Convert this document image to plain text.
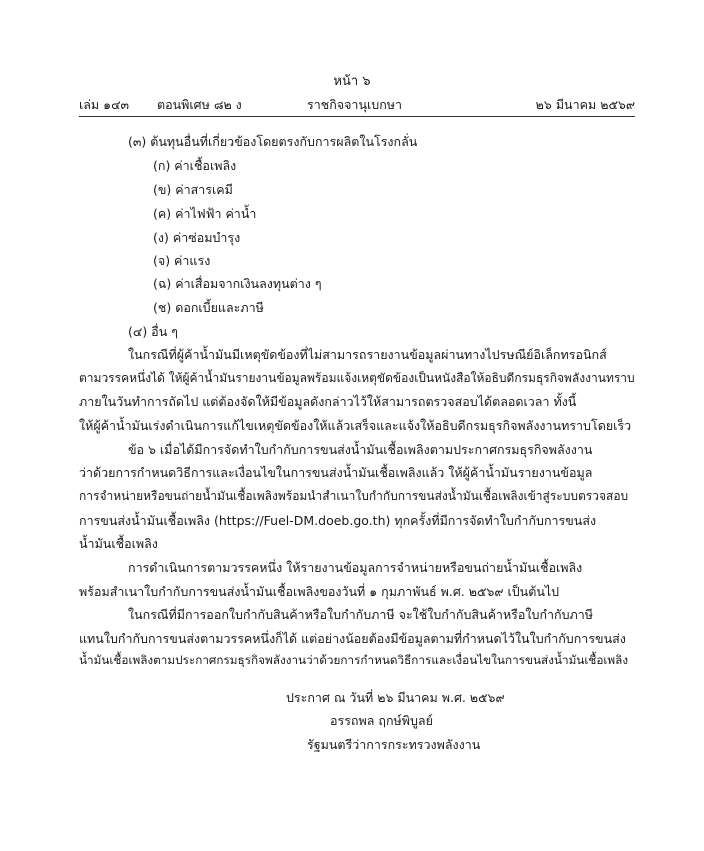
หน้า ๖
เล่ม ๑๔๓ ตอนพิเศษ ๘๒ ง	ราชกิจจานุเบกษา	๒๖ มีนาคม ๒๕๖๙
(๓) ต้นทุนอื่นที่เกี่ยวข้องโดยตรงกับการผลิตในโรงกลั่น
(ก) ค่าเชื้อเพลิง
(ข) ค่าสารเคมี
(ค) ค่าไฟฟ้า ค่าน้ำ
(ง) ค่าซ่อมบำรุง
(จ) ค่าแรง
(ฉ) ค่าเสื่อมจากเงินลงทุนต่าง ๆ
(ช) ดอกเบี้ยและภาษี
(๔) อื่น ๆ
ในกรณีที่ผู้ค้าน้ำมันมีเหตุขัดข้องที่ไม่สามารถรายงานข้อมูลผ่านทางไปรษณีย์อิเล็กทรอนิกส์
ตามวรรคหนึ่งได้ ให้ผู้ค้าน้ำมันรายงานข้อมูลพร้อมแจ้งเหตุขัดข้องเป็นหนังสือให้อธิบดีกรมธุรกิจพลังงานทราบ
ภายในวันทำการถัดไป แต่ต้องจัดให้มีข้อมูลดังกล่าวไว้ให้สามารถตรวจสอบได้ตลอดเวลา ทั้งนี้
ให้ผู้ค้าน้ำมันเร่งดำเนินการแก้ไขเหตุขัดข้องให้แล้วเสร็จและแจ้งให้อธิบดีกรมธุรกิจพลังงานทราบโดยเร็ว
ข้อ ๖ เมื่อได้มีการจัดทำใบกำกับการขนส่งน้ำมันเชื้อเพลิงตามประกาศกรมธุรกิจพลังงาน
ว่าด้วยการกำหนดวิธีการและเงื่อนไขในการขนส่งน้ำมันเชื้อเพลิงแล้ว ให้ผู้ค้าน้ำมันรายงานข้อมูล
การจำหน่ายหรือขนถ่ายน้ำมันเชื้อเพลิงพร้อมนำสำเนาใบกำกับการขนส่งน้ำมันเชื้อเพลิงเข้าสู่ระบบตรวจสอบ
การขนส่งน้ำมันเชื้อเพลิง (https://Fuel-DM.doeb.go.th) ทุกครั้งที่มีการจัดทำใบกำกับการขนส่ง
น้ำมันเชื้อเพลิง
การดำเนินการตามวรรคหนึ่ง ให้รายงานข้อมูลการจำหน่ายหรือขนถ่ายน้ำมันเชื้อเพลิง
พร้อมสำเนาใบกำกับการขนส่งน้ำมันเชื้อเพลิงของวันที่ ๑ กุมภาพันธ์ พ.ศ. ๒๕๖๙ เป็นต้นไป
ในกรณีที่มีการออกใบกำกับสินค้าหรือใบกำกับภาษี จะใช้ใบกำกับสินค้าหรือใบกำกับภาษี
แทนใบกำกับการขนส่งตามวรรคหนึ่งก็ได้ แต่อย่างน้อยต้องมีข้อมูลตามที่กำหนดไว้ในใบกำกับการขนส่ง
น้ำมันเชื้อเพลิงตามประกาศกรมธุรกิจพลังงานว่าด้วยการกำหนดวิธีการและเงื่อนไขในการขนส่งน้ำมันเชื้อเพลิง
ประกาศ ณ วันที่ ๒๖ มีนาคม พ.ศ. ๒๕๖๙
อรรถพล ฤกษ์พิบูลย์
รัฐมนตรีว่าการกระทรวงพลังงาน
